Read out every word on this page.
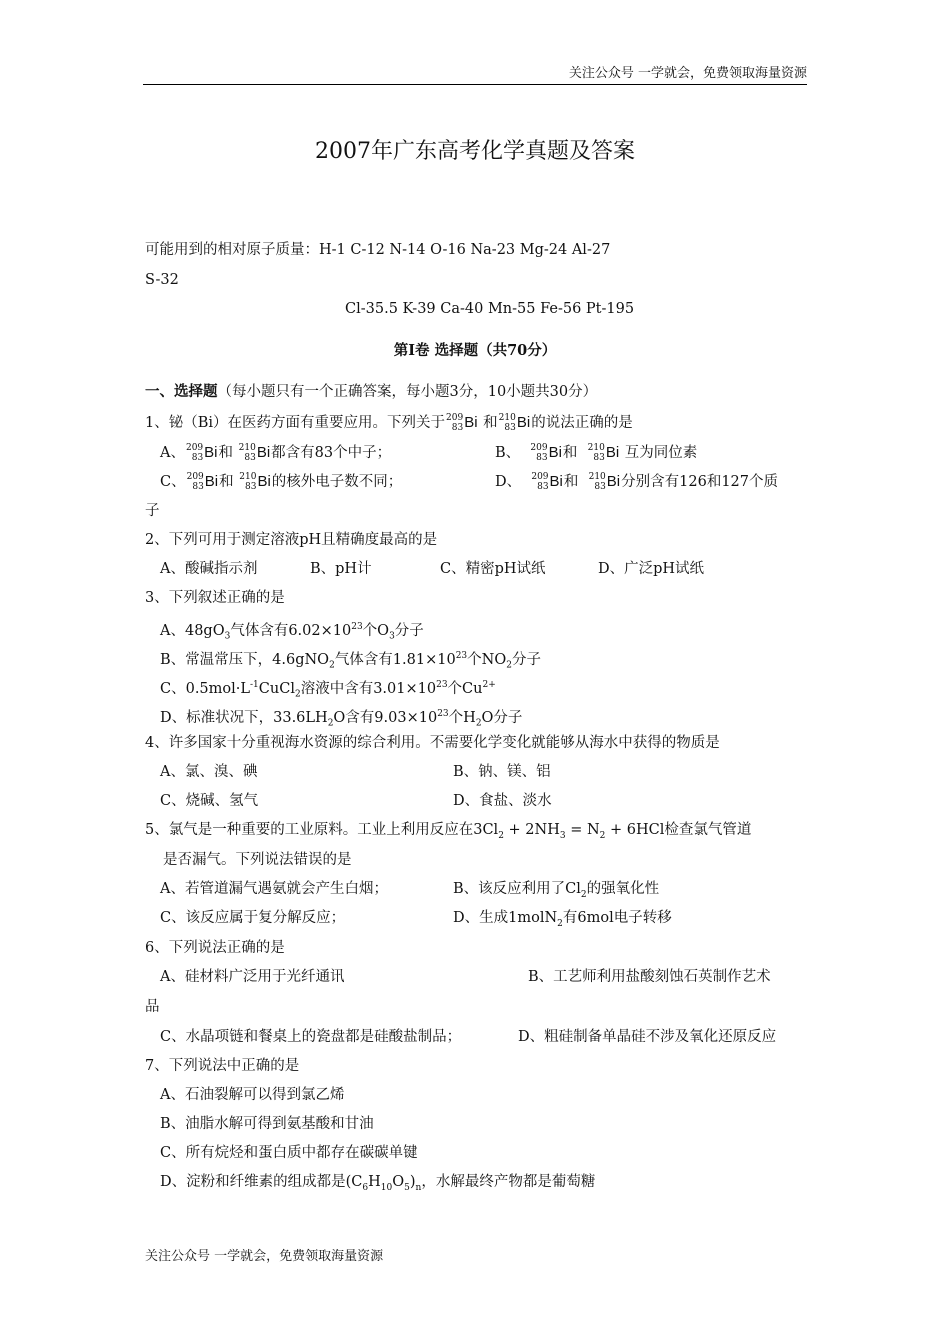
关注公众号 一学就会，免费领取海量资源
2007年广东高考化学真题及答案
可能用到的相对原子质量：H-1 C-12 N-14 O-16 Na-23 Mg-24 Al-27
S-32
Cl-35.5 K-39 Ca-40 Mn-55 Fe-56 Pt-195
第Ⅰ卷 选择题（共70分）
一、选择题（每小题只有一个正确答案，每小题3分，10小题共30分）
1、铋（Bi）在医药方面有重要应用。下列关于 209
83 Bi 和 210
83 Bi的说法正确的是
A、 209
83 Bi和 210
83 Bi都含有83个中子；	B、 209
83 Bi和 210
83 Bi 互为同位素
C、 209
83 Bi和 210
83 Bi的核外电子数不同；	D、 209
83 Bi和 210
83 Bi分别含有126和127个质
子
2、下列可用于测定溶液pH且精确度最高的是
A、酸碱指示剂	B、pH计	C、精密pH试纸	D、广泛pH试纸
3、下列叙述正确的是
A、$48gO_3$气体含有$6.02\times 10^{23}$个$O_3$分子
B、常温常压下，4.6gNO$_2$气体含有$1.81\times 10^{23}$个$NO_2$分子
C、$0.5mol\cdot L^{-1}CuCl_2$溶液中含有$3.01\times 10^{23}$个$Cu^{2+}$
D、标准状况下，$33.6LH_2O$含有$9.03\times 10^{23}$个$H_2O$分子
4、许多国家十分重视海水资源的综合利用。不需要化学变化就能够从海水中获得的物质是
A、氯、溴、碘	B、钠、镁、铝
C、烧碱、氢气	D、食盐、淡水
5、氯气是一种重要的工业原料。工业上利用反应在$3Cl_2 + 2NH_3 = N_2 + 6HCl$检查氯气管道
是否漏气。下列说法错误的是
A、若管道漏气遇氨就会产生白烟；	B、该反应利用了$Cl_2$的强氧化性
C、该反应属于复分解反应；	D、生成1molN$_2$有6mol电子转移
6、下列说法正确的是
A、硅材料广泛用于光纤通讯	B、工艺师利用盐酸刻蚀石英制作艺术
品
C、水晶项链和餐桌上的瓷盘都是硅酸盐制品；	D、粗硅制备单晶硅不涉及氧化还原反应
7、下列说法中正确的是
A、石油裂解可以得到氯乙烯
B、油脂水解可得到氨基酸和甘油
C、所有烷烃和蛋白质中都存在碳碳单键
D、淀粉和纤维素的组成都是$(C_6H_{10}O_5)_n$，水解最终产物都是葡萄糖
关注公众号 一学就会，免费领取海量资源
